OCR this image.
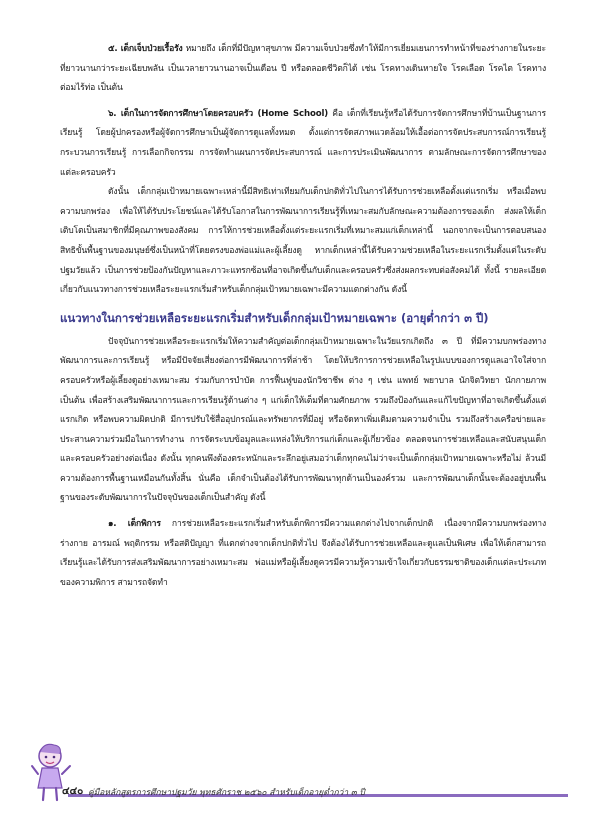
๕. เด็กเจ็บป่วยเรื้อรัง หมายถึง เด็กที่มีปัญหาสุขภาพ มีความเจ็บป่วยซึ่งทำให้มีการเยี่ยมเยนการทำหน้าที่ของร่างกายในระยะที่ยาวนานกว่าระยะเฉียบพลัน เป็นเวลายาวนานอาจเป็นเดือน ปี หรือตลอดชีวิตก็ได้ เช่น โรคทางเดินหายใจ โรคเลือด โรคไต โรคทางต่อมไร้ท่อ เป็นต้น

๖. เด็กในการจัดการศึกษาโดยครอบครัว (Home School) คือ เด็กที่เรียนรู้หรือได้รับการจัดการศึกษาที่บ้านเป็นฐานการเรียนรู้ โดยผู้ปกครองหรือผู้จัดการศึกษาเป็นผู้จัดการดูแลทั้งหมด ตั้งแต่การจัดสภาพแวดล้อมให้เอื้อต่อการจัดประสบการณ์การเรียนรู้ กระบวนการเรียนรู้ การเลือกกิจกรรม การจัดทำแผนการจัดประสบการณ์ และการประเมินพัฒนาการ ตามลักษณะการจัดการศึกษาของแต่ละครอบครัว

ดังนั้น เด็กกลุ่มเป้าหมายเฉพาะเหล่านี้มีสิทธิเท่าเทียมกับเด็กปกติทั่วไปในการได้รับการช่วยเหลือตั้งแต่แรกเริ่ม หรือเมื่อพบความบกพร่อง เพื่อให้ได้รับประโยชน์และได้รับโอกาสในการพัฒนาการเรียนรู้ที่เหมาะสมกับลักษณะความต้องการของเด็ก ส่งผลให้เด็กเติบโตเป็นสมาชิกที่มีคุณภาพของสังคม การให้การช่วยเหลือตั้งแต่ระยะแรกเริ่มที่เหมาะสมแก่เด็กเหล่านี้ นอกจากจะเป็นการตอบสนองสิทธิขั้นพื้นฐานของมนุษย์ซึ่งเป็นหน้าที่โดยตรงของพ่อแม่และผู้เลี้ยงดู หากเด็กเหล่านี้ได้รับความช่วยเหลือในระยะแรกเริ่มตั้งแต่ในระดับปฐมวัยแล้ว เป็นการช่วยป้องกันปัญหาและภาวะแทรกซ้อนที่อาจเกิดขึ้นกับเด็กและครอบครัวซึ่งส่งผลกระทบต่อสังคมได้ ทั้งนี้ รายละเอียดเกี่ยวกับแนวทางการช่วยเหลือระยะแรกเริ่มสำหรับเด็กกลุ่มเป้าหมายเฉพาะมีความแตกต่างกัน ดังนี้

แนวทางในการช่วยเหลือระยะแรกเริ่มสำหรับเด็กกลุ่มเป้าหมายเฉพาะ (อายุต่ำกว่า ๓ ปี)

ปัจจุบันการช่วยเหลือระยะแรกเริ่มให้ความสำคัญต่อเด็กกลุ่มเป้าหมายเฉพาะในวัยแรกเกิดถึง ๓ ปี ที่มีความบกพร่องทางพัฒนาการและการเรียนรู้ หรือมีปัจจัยเสี่ยงต่อการมีพัฒนาการที่ล่าช้า โดยให้บริการการช่วยเหลือในรูปแบบของการดูแลเอาใจใส่จากครอบครัวหรือผู้เลี้ยงดูอย่างเหมาะสม ร่วมกับการบำบัด การฟื้นฟูของนักวิชาชีพ ต่าง ๆ เช่น แพทย์ พยาบาล นักจิตวิทยา นักกายภาพ เป็นต้น เพื่อสร้างเสริมพัฒนาการและการเรียนรู้ด้านต่าง ๆ แก่เด็กให้เต็มที่ตามศักยภาพ รวมถึงป้องกันและแก้ไขปัญหาที่อาจเกิดขึ้นตั้งแต่แรกเกิด หรือพบความผิดปกติ มีการปรับใช้สื่ออุปกรณ์และทรัพยากรที่มีอยู่ หรือจัดหาเพิ่มเติมตามความจำเป็น รวมถึงสร้างเครือข่ายและประสานความร่วมมือในการทำงาน การจัดระบบข้อมูลและแหล่งให้บริการแก่เด็กและผู้เกี่ยวข้อง ตลอดจนการช่วยเหลือและสนับสนุนเด็กและครอบครัวอย่างต่อเนื่อง ดังนั้น ทุกคนพึงต้องตระหนักและระลึกอยู่เสมอว่าเด็กทุกคนไม่ว่าจะเป็นเด็กกลุ่มเป้าหมายเฉพาะหรือไม่ ล้วนมีความต้องการพื้นฐานเหมือนกันทั้งสิ้น นั่นคือ เด็กจำเป็นต้องได้รับการพัฒนาทุกด้านเป็นองค์รวม และการพัฒนาเด็กนั้นจะต้องอยู่บนพื้นฐานของระดับพัฒนาการในปัจจุบันของเด็กเป็นสำคัญ ดังนี้

๑. เด็กพิการ การช่วยเหลือระยะแรกเริ่มสำหรับเด็กพิการมีความแตกต่างไปจากเด็กปกติ เนื่องจากมีความบกพร่องทางร่างกาย อารมณ์ พฤติกรรม หรือสติปัญญา ที่แตกต่างจากเด็กปกติทั่วไป จึงต้องได้รับการช่วยเหลือและดูแลเป็นพิเศษ เพื่อให้เด็กสามารถเรียนรู้และได้รับการส่งเสริมพัฒนาการอย่างเหมาะสม พ่อแม่หรือผู้เลี้ยงดูควรมีความรู้ความเข้าใจเกี่ยวกับธรรมชาติของเด็กแต่ละประเภทของความพิการ สามารถจัดทำ

๔๔๐ คู่มือหลักสูตรการศึกษาปฐมวัย พุทธศักราช ๒๕๖๐ สำหรับเด็กอายุต่ำกว่า ๓ ปี
